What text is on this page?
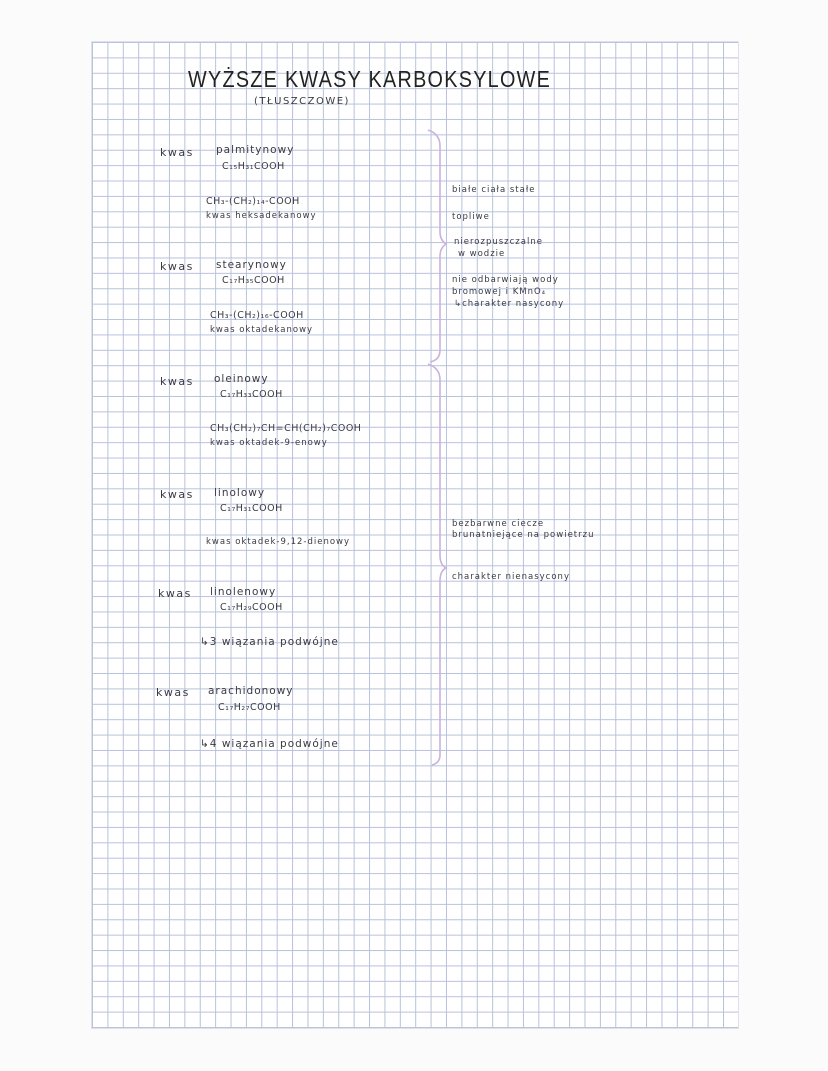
WYŻSZE KWASY KARBOKSYLOWE
(TŁUSZCZOWE)
kwas palmitynowy
C₁₅H₃₁COOH
CH₃-(CH₂)₁₄-COOH
kwas heksadekanowy
kwas stearynowy
C₁₇H₃₅COOH
CH₃-(CH₂)₁₆-COOH
kwas oktadekanowy
kwas oleinowy
C₁₇H₃₃COOH
CH₃(CH₂)₇CH=CH(CH₂)₇COOH
kwas oktadek-9-enowy
kwas linolowy
C₁₇H₃₁COOH
kwas oktadek-9,12-dienowy
kwas linolenowy
C₁₇H₂₉COOH
↳3 wiązania podwójne
kwas arachidonowy
C₁₇H₂₇COOH
↳4 wiązania podwójne
białe ciała stałe
topliwe
nierozpuszczalne
w wodzie
nie odbarwiają wody
bromowej i KMnO₄
↳charakter nasycony
bezbarwne ciecze
brunatniejące na powietrzu
charakter nienasycony
